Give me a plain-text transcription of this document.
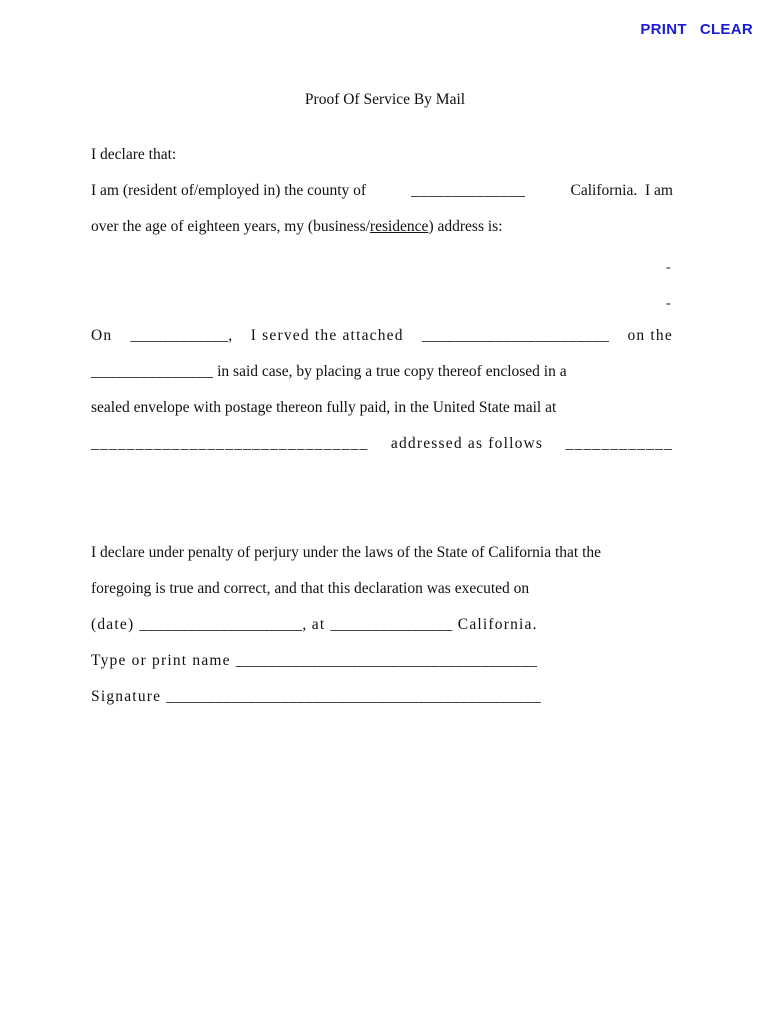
PRINT CLEAR
Proof Of Service By Mail
I declare that:
I am (resident of/employed in) the county of	______________	California.  I am
over the age of eighteen years, my (business/residence) address is:
-
-
On ____________, I served the attached _______________________ on the
_______________ in said case, by placing a true copy thereof enclosed in a
sealed envelope with postage thereon fully paid, in the United State mail at
_______________________________ addressed as follows ____________
I declare under penalty of perjury under the laws of the State of California that the
foregoing is true and correct, and that this declaration was executed on
(date) ____________________, at _______________ California.
Type or print name _____________________________________
Signature ______________________________________________
